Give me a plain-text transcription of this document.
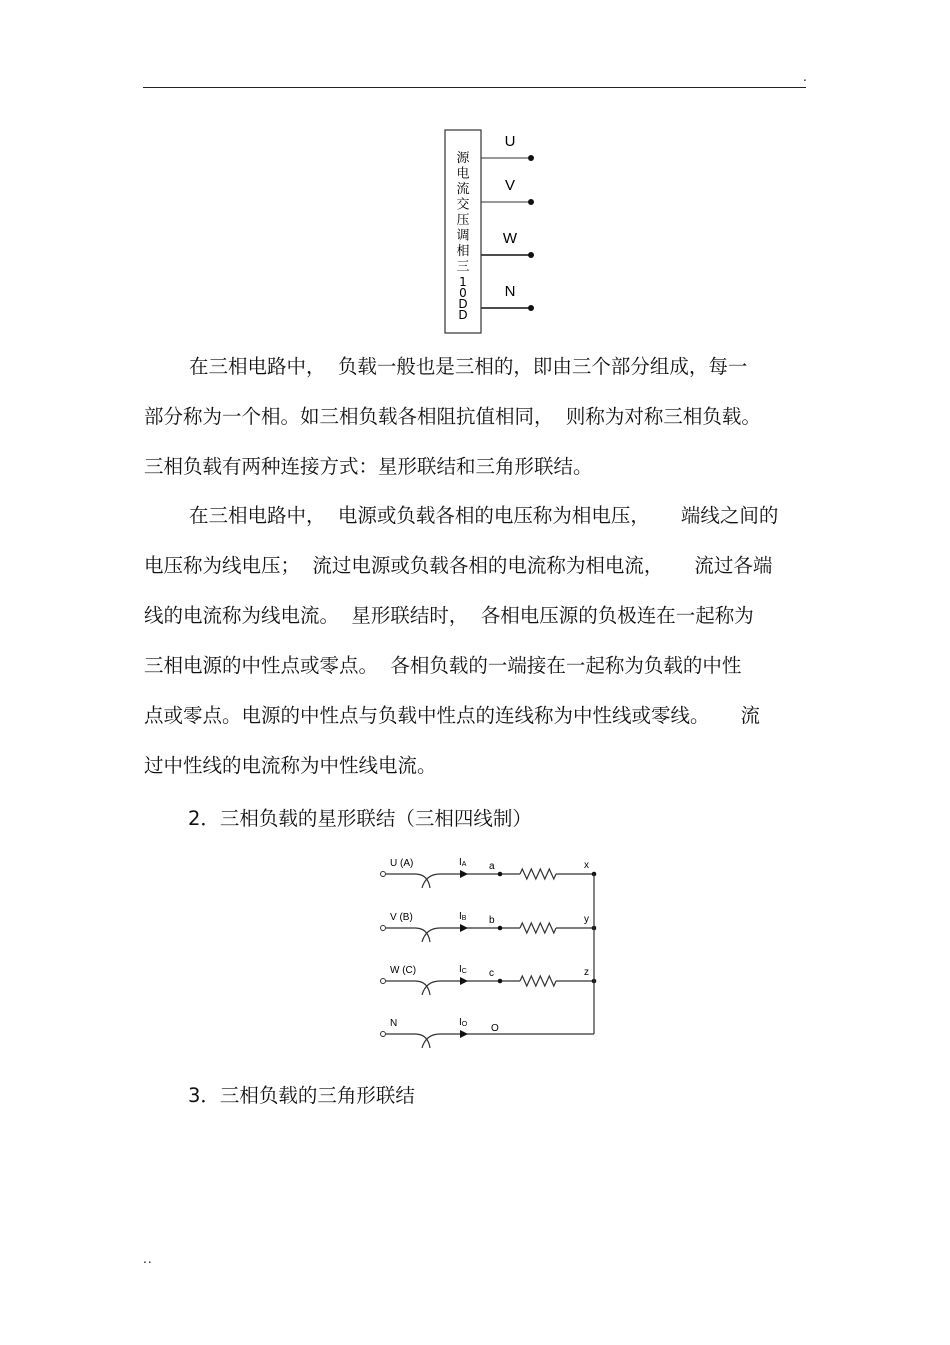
.
源
电
流
交
压
调
相
三
1
0
D
D
U
V
W
N

在三相电路中，  负载一般也是三相的，即由三个部分组成，每一
部分称为一个相。如三相负载各相阻抗值相同，  则称为对称三相负载。
三相负载有两种连接方式：星形联结和三角形联结。

在三相电路中，  电源或负载各相的电压称为相电压，     端线之间的
电压称为线电压；  流过电源或负载各相的电流称为相电流，     流过各端
线的电流称为线电流。  星形联结时，  各相电压源的负极连在一起称为
三相电源的中性点或零点。  各相负载的一端接在一起称为负载的中性
点或零点。电源的中性点与负载中性点的连线称为中性线或零线。     流
过中性线的电流称为中性线电流。

2．三相负载的星形联结（三相四线制）
U (A)	IA a	x
V (B)	IB b	y
W (C)	IC c	z
N	IO O
3．三相负载的三角形联结
..
